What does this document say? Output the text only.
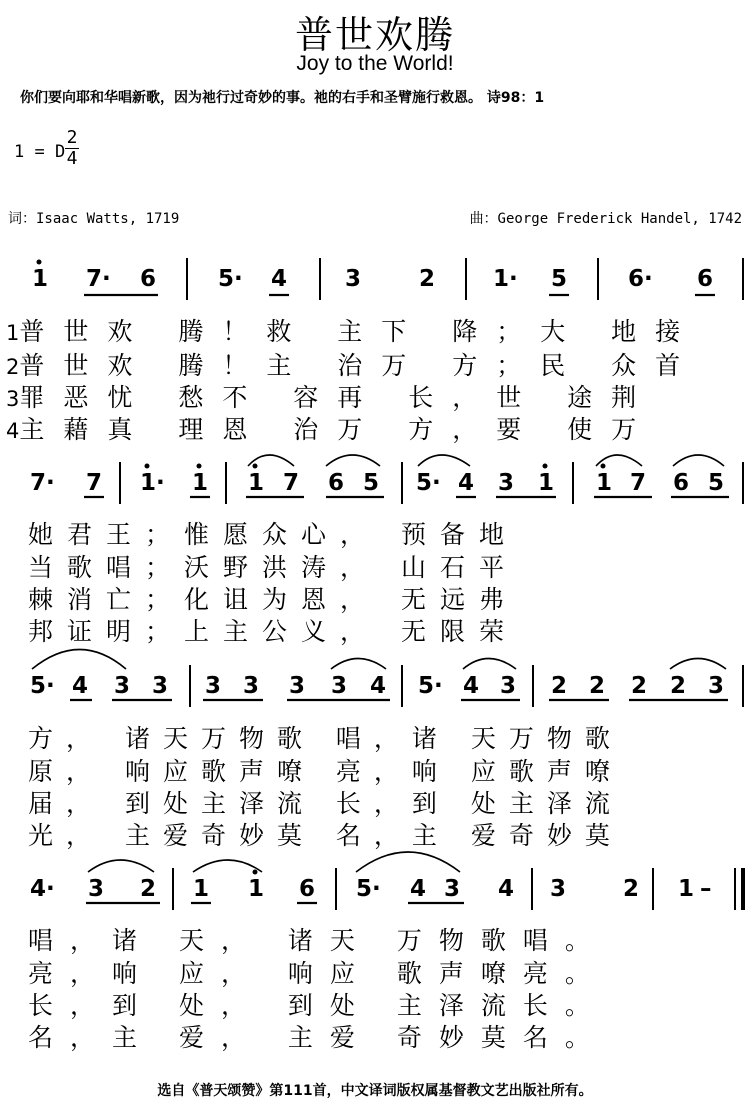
普世欢腾
Joy to the World!
你们要向耶和华唱新歌，因为祂行过奇妙的事。祂的右手和圣臂施行救恩。 诗98：1
1 = D
2
4
词：Isaac Watts, 1719	曲：George Frederick Handel, 1742
1 7· 6	5· 4	3	2	1· 5	6· 6
1普世欢 腾！救 主下 降；大 地接
2普世欢 腾！主 治万 方；民 众首
3罪恶忧 愁不 容再 长，世 途荆
4主藉真 理恩 治万 方，要 使万
7· 7 1· 1 1 7 6 5 5· 4 3 1 1 7 6 5
她君王；惟愿众心， 预备地
当歌唱；沃野洪涛， 山石平
棘消亡；化诅为恩， 无远弗
邦证明；上主公义， 无限荣
5· 4 3 3 3 3 3 3 4 5· 4 3 2 2 2 2 3
方， 诸天万物歌 唱，诸 天万物歌
原， 响应歌声嘹 亮，响 应歌声嘹
届， 到处主泽流 长，到 处主泽流
光， 主爱奇妙莫 名，主 爱奇妙莫
4· 3 2 1 1 6 5· 4 3 4 3 2 1 –
唱，诸 天， 诸天 万物歌唱。
亮，响 应， 响应 歌声嘹亮。
长，到 处， 到处 主泽流长。
名，主 爱， 主爱 奇妙莫名。
选自《普天颂赞》第111首，中文译词版权属基督教文艺出版社所有。
